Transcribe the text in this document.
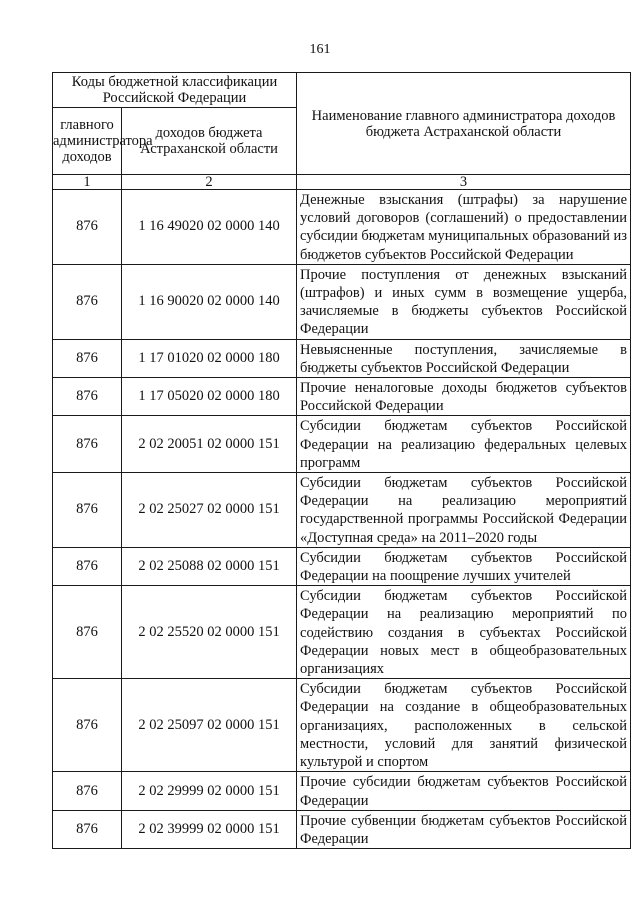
161
Коды бюджетной классификации Российской Федерации		Наименование главного администратора доходов бюджета Астраханской области
главного администратора доходов	доходов бюджета Астраханской области	
1	2	3
876	1 16 49020 02 0000 140	Денежные взыскания (штрафы) за нарушение условий договоров (соглашений) о предоставлении субсидии бюджетам муниципальных образований из бюджетов субъектов Российской Федерации
876	1 16 90020 02 0000 140	Прочие поступления от денежных взысканий (штрафов) и иных сумм в возмещение ущерба, зачисляемые в бюджеты субъектов Российской Федерации
876	1 17 01020 02 0000 180	Невыясненные поступления, зачисляемые в бюджеты субъектов Российской Федерации
876	1 17 05020 02 0000 180	Прочие неналоговые доходы бюджетов субъектов Российской Федерации
876	2 02 20051 02 0000 151	Субсидии бюджетам субъектов Российской Федерации на реализацию федеральных целевых программ
876	2 02 25027 02 0000 151	Субсидии бюджетам субъектов Российской Федерации на реализацию мероприятий государственной программы Российской Федерации «Доступная среда» на 2011–2020 годы
876	2 02 25088 02 0000 151	Субсидии бюджетам субъектов Российской Федерации на поощрение лучших учителей
876	2 02 25520 02 0000 151	Субсидии бюджетам субъектов Российской Федерации на реализацию мероприятий по содействию создания в субъектах Российской Федерации новых мест в общеобразовательных организациях
876	2 02 25097 02 0000 151	Субсидии бюджетам субъектов Российской Федерации на создание в общеобразовательных организациях, расположенных в сельской местности, условий для занятий физической культурой и спортом
876	2 02 29999 02 0000 151	Прочие субсидии бюджетам субъектов Российской Федерации
876	2 02 39999 02 0000 151	Прочие субвенции бюджетам субъектов Российской Федерации
